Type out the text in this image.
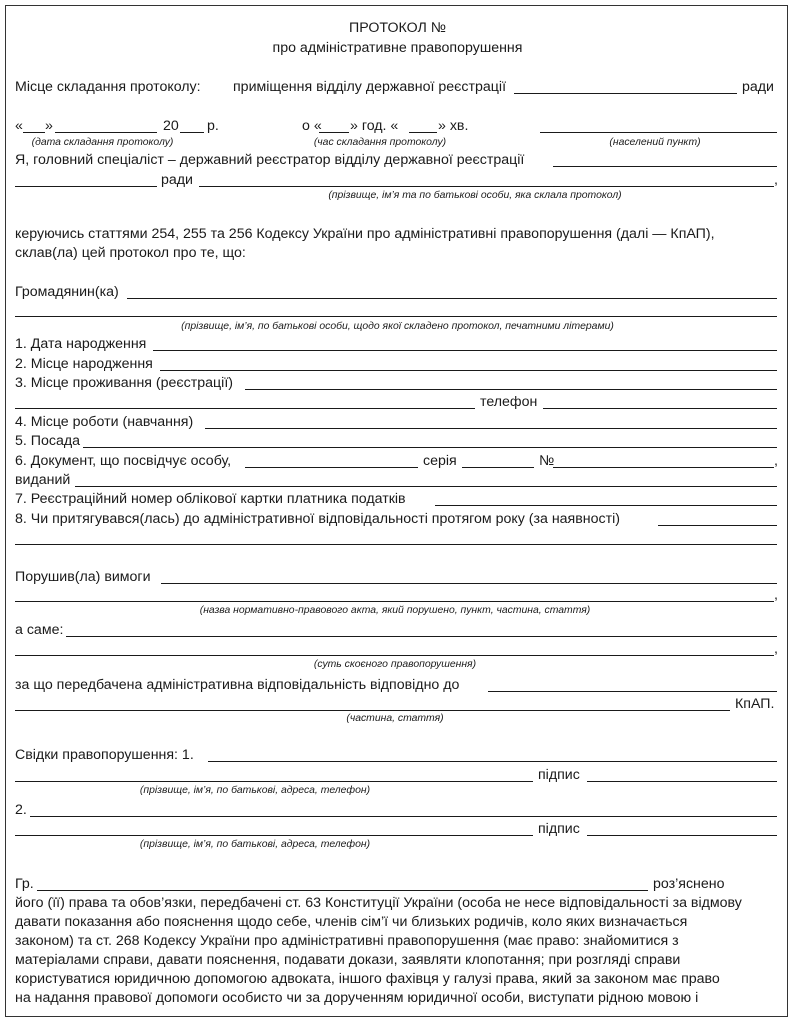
ПРОТОКОЛ №
про адміністративне правопорушення
Місце складання протоколу: приміщення відділу державної реєстрації	ради
« »	20 р.	о « » год. «	» хв.
(дата складання протоколу)	(час складання протоколу)	(населений пункт)
Я, головний спеціаліст – державний реєстратор відділу державної реєстрації
ради	,
(прізвище, ім’я та по батькові особи, яка склала протокол)
керуючись статтями 254, 255 та 256 Кодексу України про адміністративні правопорушення (далі — КпАП),
склав(ла) цей протокол про те, що:
Громадянин(ка)
(прізвище, ім’я, по батькові особи, щодо якої складено протокол, печатними літерами)
1. Дата народження
2. Місце народження
3. Місце проживання (реєстрації)
телефон
4. Місце роботи (навчання)
5. Посада
6. Документ, що посвідчує особу,	серія	№	,
виданий
7. Реєстраційний номер облікової картки платника податків
8. Чи притягувався(лась) до адміністративної відповідальності протягом року (за наявності)
Порушив(ла) вимоги
,
(назва нормативно-правового акта, який порушено, пункт, частина, стаття)
а саме:
,
(суть скоєного правопорушення)
за що передбачена адміністративна відповідальність відповідно до
КпАП.
(частина, стаття)
Свідки правопорушення: 1.
підпис
(прізвище, ім’я, по батькові, адреса, телефон)
2.
підпис
(прізвище, ім’я, по батькові, адреса, телефон)
Гр.	роз’яснено
його (її) права та обов’язки, передбачені ст. 63 Конституції України (особа не несе відповідальності за відмову
давати показання або пояснення щодо себе, членів сім’ї чи близьких родичів, коло яких визначається
законом) та ст. 268 Кодексу України про адміністративні правопорушення (має право: знайомитися з
матеріалами справи, давати пояснення, подавати докази, заявляти клопотання; при розгляді справи
користуватися юридичною допомогою адвоката, іншого фахівця у галузі права, який за законом має право
на надання правової допомоги особисто чи за дорученням юридичної особи, виступати рідною мовою і
